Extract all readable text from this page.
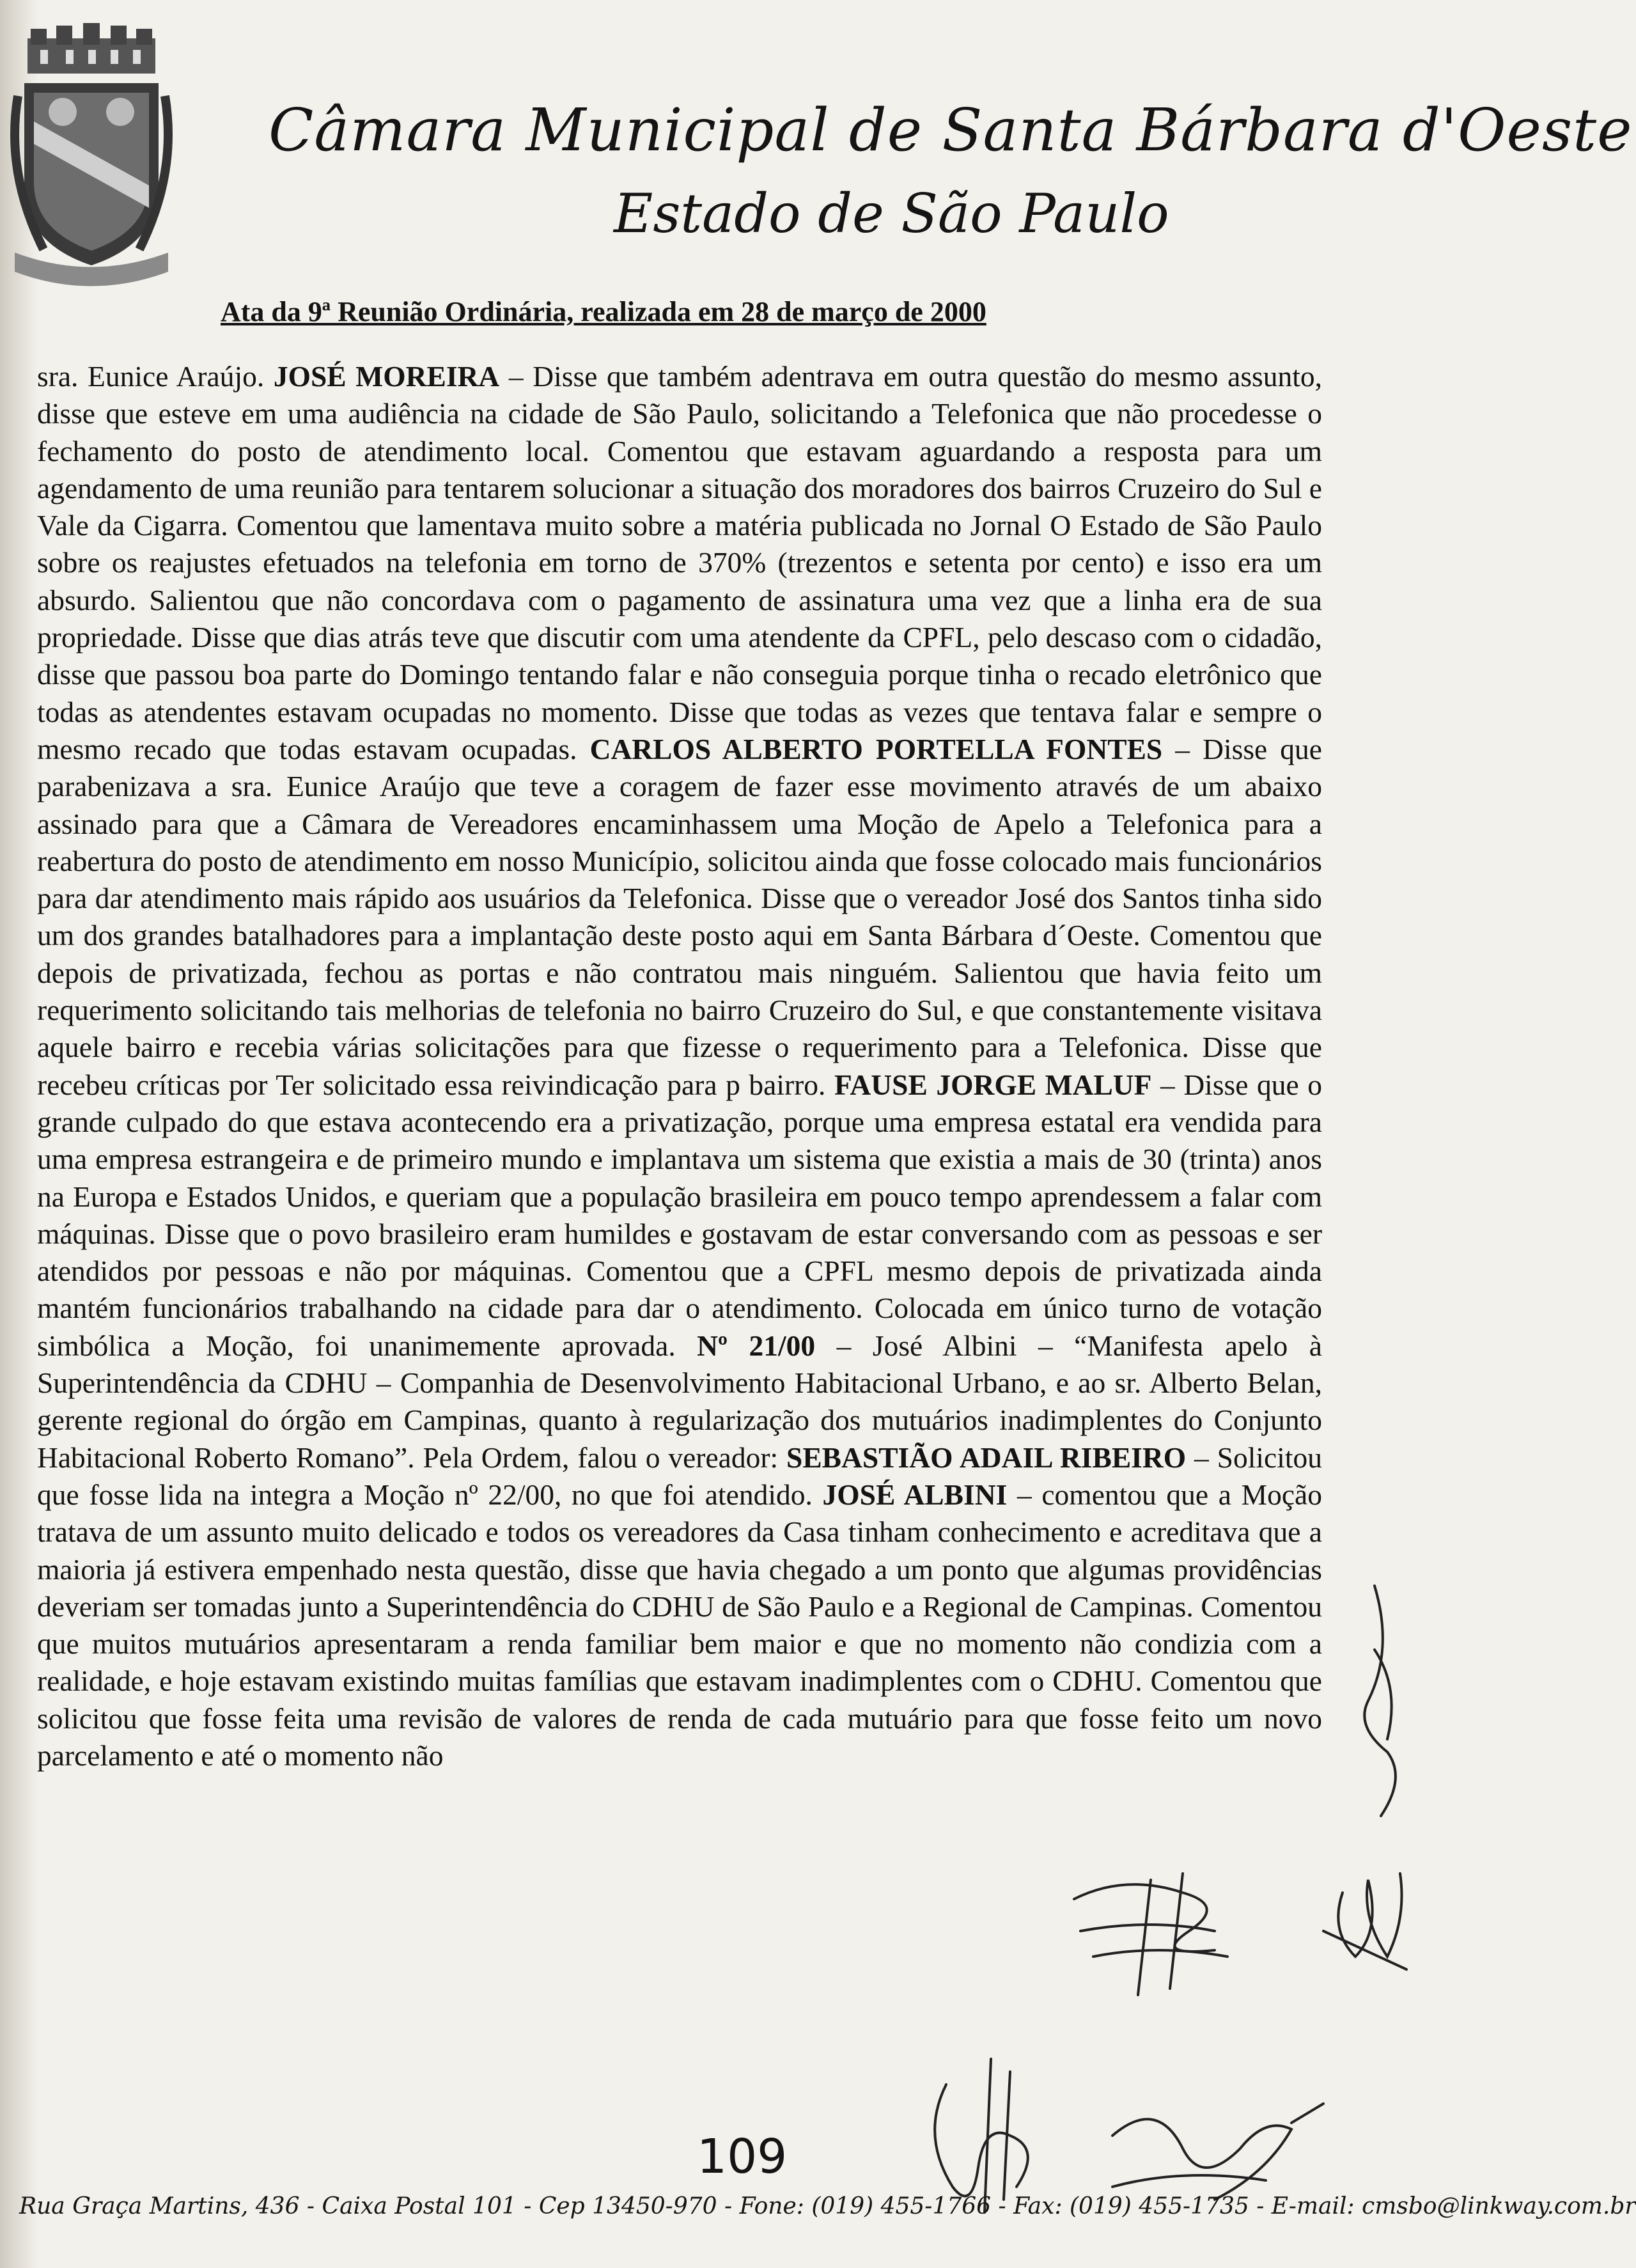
Câmara Municipal de Santa Bárbara d'Oeste
Estado de São Paulo
Ata da 9ª Reunião Ordinária, realizada em 28 de março de 2000
sra. Eunice Araújo. JOSÉ MOREIRA – Disse que também adentrava em outra questão do mesmo assunto, disse que esteve em uma audiência na cidade de São Paulo, solicitando a Telefonica que não procedesse o fechamento do posto de atendimento local. Comentou que estavam aguardando a resposta para um agendamento de uma reunião para tentarem solucionar a situação dos moradores dos bairros Cruzeiro do Sul e Vale da Cigarra. Comentou que lamentava muito sobre a matéria publicada no Jornal O Estado de São Paulo sobre os reajustes efetuados na telefonia em torno de 370% (trezentos e setenta por cento) e isso era um absurdo. Salientou que não concordava com o pagamento de assinatura uma vez que a linha era de sua propriedade. Disse que dias atrás teve que discutir com uma atendente da CPFL, pelo descaso com o cidadão, disse que passou boa parte do Domingo tentando falar e não conseguia porque tinha o recado eletrônico que todas as atendentes estavam ocupadas no momento. Disse que todas as vezes que tentava falar e sempre o mesmo recado que todas estavam ocupadas. CARLOS ALBERTO PORTELLA FONTES – Disse que parabenizava a sra. Eunice Araújo que teve a coragem de fazer esse movimento através de um abaixo assinado para que a Câmara de Vereadores encaminhassem uma Moção de Apelo a Telefonica para a reabertura do posto de atendimento em nosso Município, solicitou ainda que fosse colocado mais funcionários para dar atendimento mais rápido aos usuários da Telefonica. Disse que o vereador José dos Santos tinha sido um dos grandes batalhadores para a implantação deste posto aqui em Santa Bárbara d´Oeste. Comentou que depois de privatizada, fechou as portas e não contratou mais ninguém. Salientou que havia feito um requerimento solicitando tais melhorias de telefonia no bairro Cruzeiro do Sul, e que constantemente visitava aquele bairro e recebia várias solicitações para que fizesse o requerimento para a Telefonica. Disse que recebeu críticas por Ter solicitado essa reivindicação para p bairro. FAUSE JORGE MALUF – Disse que o grande culpado do que estava acontecendo era a privatização, porque uma empresa estatal era vendida para uma empresa estrangeira e de primeiro mundo e implantava um sistema que existia a mais de 30 (trinta) anos na Europa e Estados Unidos, e queriam que a população brasileira em pouco tempo aprendessem a falar com máquinas. Disse que o povo brasileiro eram humildes e gostavam de estar conversando com as pessoas e ser atendidos por pessoas e não por máquinas. Comentou que a CPFL mesmo depois de privatizada ainda mantém funcionários trabalhando na cidade para dar o atendimento. Colocada em único turno de votação simbólica a Moção, foi unanimemente aprovada. Nº 21/00 – José Albini – “Manifesta apelo à Superintendência da CDHU – Companhia de Desenvolvimento Habitacional Urbano, e ao sr. Alberto Belan, gerente regional do órgão em Campinas, quanto à regularização dos mutuários inadimplentes do Conjunto Habitacional Roberto Romano”. Pela Ordem, falou o vereador: SEBASTIÃO ADAIL RIBEIRO – Solicitou que fosse lida na integra a Moção nº 22/00, no que foi atendido. JOSÉ ALBINI – comentou que a Moção tratava de um assunto muito delicado e todos os vereadores da Casa tinham conhecimento e acreditava que a maioria já estivera empenhado nesta questão, disse que havia chegado a um ponto que algumas providências deveriam ser tomadas junto a Superintendência do CDHU de São Paulo e a Regional de Campinas. Comentou que muitos mutuários apresentaram a renda familiar bem maior e que no momento não condizia com a realidade, e hoje estavam existindo muitas famílias que estavam inadimplentes com o CDHU. Comentou que solicitou que fosse feita uma revisão de valores de renda de cada mutuário para que fosse feito um novo parcelamento e até o momento não
109
Rua Graça Martins, 436 - Caixa Postal 101 - Cep 13450-970 - Fone: (019) 455-1766 - Fax: (019) 455-1735 - E-mail: cmsbo@linkway.com.br
